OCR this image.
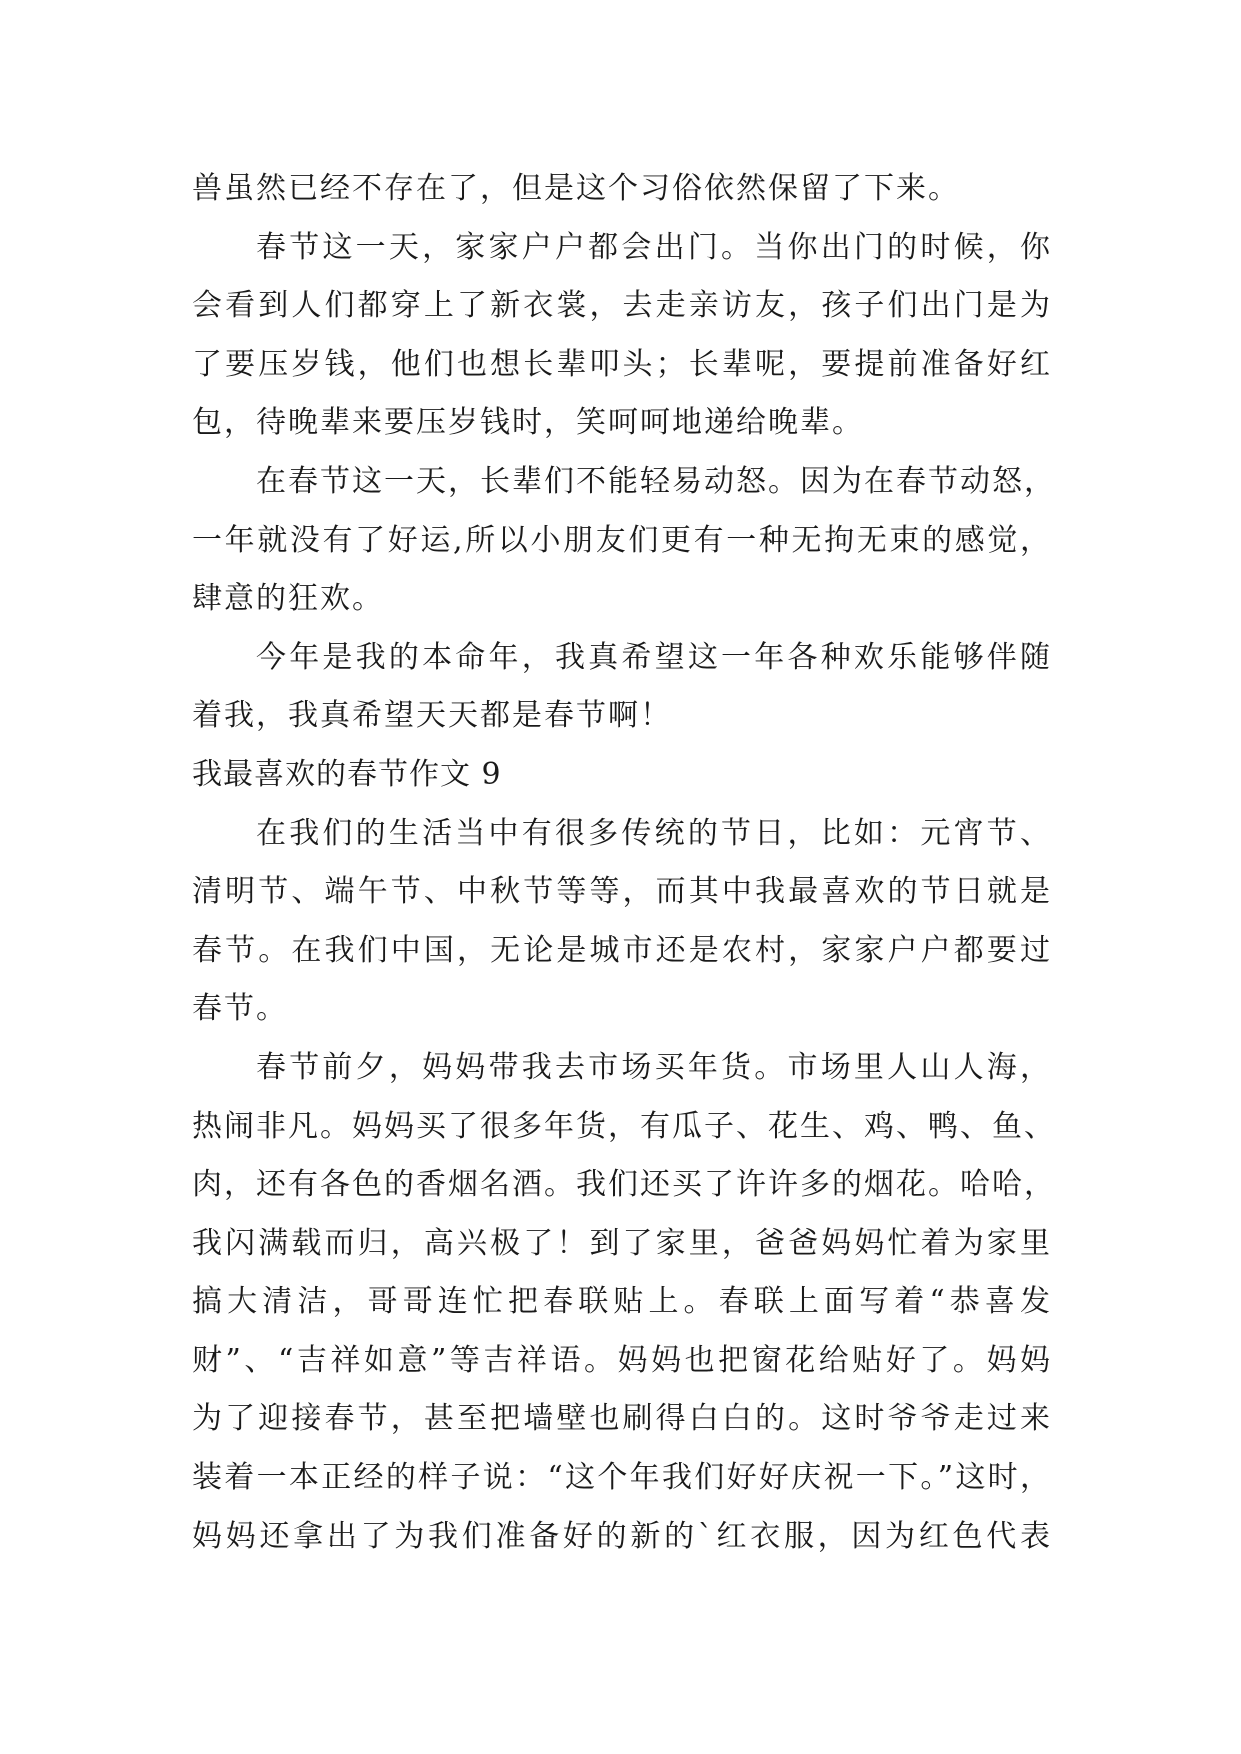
兽虽然已经不存在了，但是这个习俗依然保留了下来。
春节这一天，家家户户都会出门。当你出门的时候，你
会看到人们都穿上了新衣裳，去走亲访友，孩子们出门是为
了要压岁钱，他们也想长辈叩头；长辈呢，要提前准备好红
包，待晚辈来要压岁钱时，笑呵呵地递给晚辈。
在春节这一天，长辈们不能轻易动怒。因为在春节动怒，
一年就没有了好运,所以小朋友们更有一种无拘无束的感觉，
肆意的狂欢。
今年是我的本命年，我真希望这一年各种欢乐能够伴随
着我，我真希望天天都是春节啊！
我最喜欢的春节作文 9
在我们的生活当中有很多传统的节日，比如：元宵节、
清明节、端午节、中秋节等等，而其中我最喜欢的节日就是
春节。在我们中国，无论是城市还是农村，家家户户都要过
春节。
春节前夕，妈妈带我去市场买年货。市场里人山人海，
热闹非凡。妈妈买了很多年货，有瓜子、花生、鸡、鸭、鱼、
肉，还有各色的香烟名酒。我们还买了许许多的烟花。哈哈，
我闪满载而归，高兴极了！到了家里，爸爸妈妈忙着为家里
搞大清洁，哥哥连忙把春联贴上。春联上面写着“恭喜发
财”、“吉祥如意”等吉祥语。妈妈也把窗花给贴好了。妈妈
为了迎接春节，甚至把墙壁也刷得白白的。这时爷爷走过来
装着一本正经的样子说：“这个年我们好好庆祝一下。”这时，
妈妈还拿出了为我们准备好的新的`红衣服，因为红色代表
